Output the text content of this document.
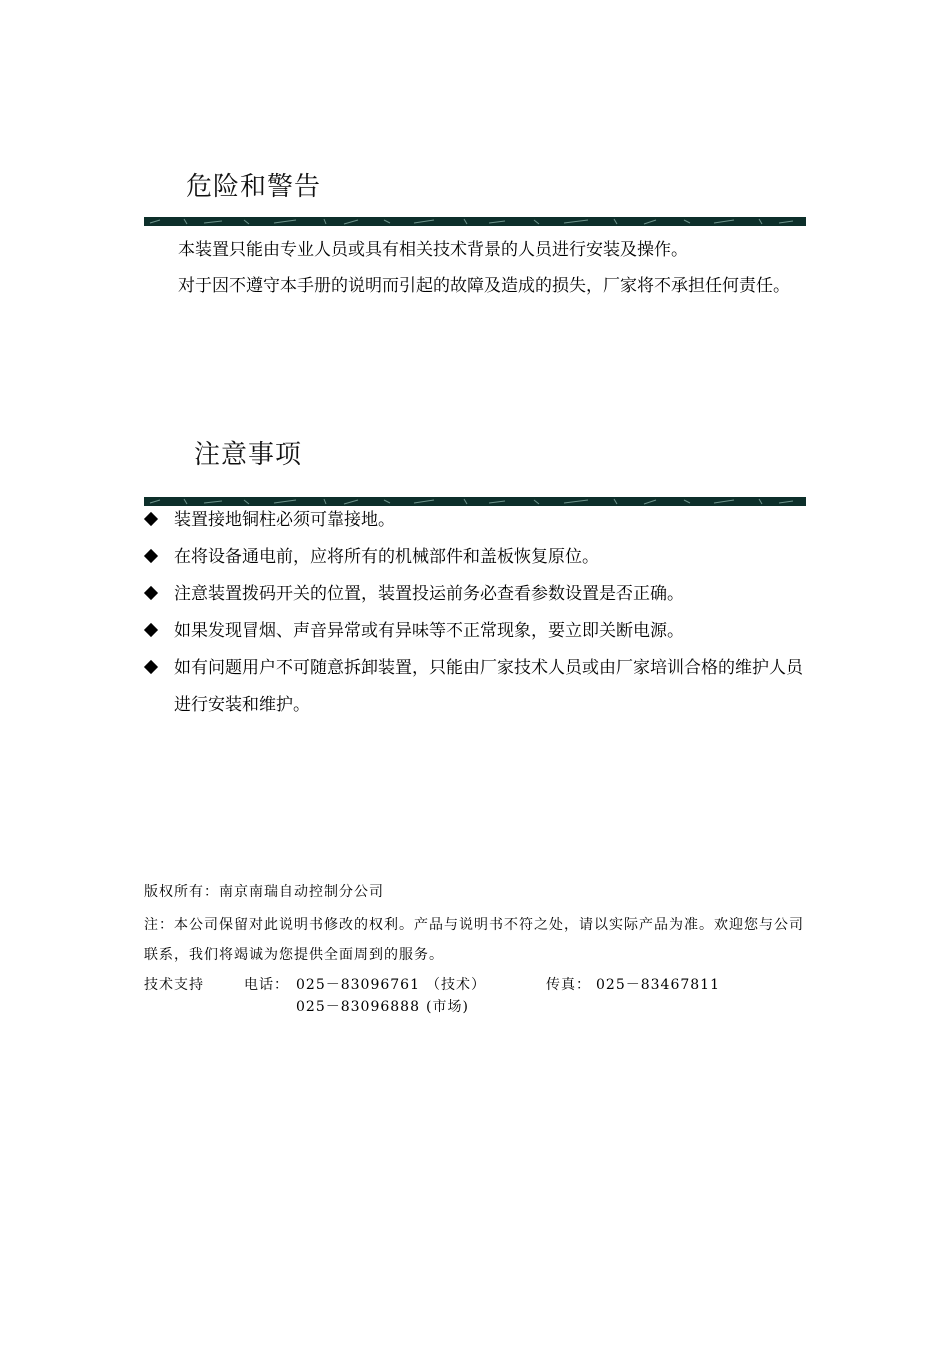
危险和警告

本装置只能由专业人员或具有相关技术背景的人员进行安装及操作。

对于因不遵守本手册的说明而引起的故障及造成的损失，厂家将不承担任何责任。

注意事项
装置接地铜柱必须可靠接地。
在将设备通电前，应将所有的机械部件和盖板恢复原位。
注意装置拨码开关的位置，装置投运前务必查看参数设置是否正确。
如果发现冒烟、声音异常或有异味等不正常现象，要立即关断电源。
如有问题用户不可随意拆卸装置，只能由厂家技术人员或由厂家培训合格的维护人员进行安装和维护。
版权所有：南京南瑞自动控制分公司
注：本公司保留对此说明书修改的权利。产品与说明书不符之处，请以实际产品为准。欢迎您与公司联系，我们将竭诚为您提供全面周到的服务。
技术支持	电话： 025－83096761 （技术）	传真： 025－83467811
025－83096888 (市场)
